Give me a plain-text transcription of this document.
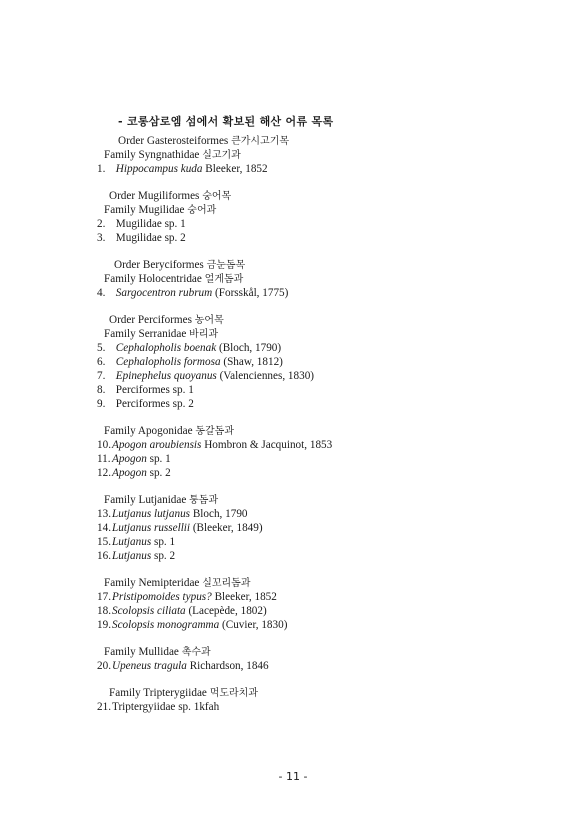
- 코롱삼로엠 섬에서 확보된 해산 어류 목록
Order Gasterosteiformes 큰가시고기목
Family Syngnathidae 실고기과
1. Hippocampus kuda Bleeker, 1852
Order Mugiliformes 숭어목
Family Mugilidae 숭어과
2. Mugilidae sp. 1
3. Mugilidae sp. 2
Order Beryciformes 금눈돔목
Family Holocentridae 얼게돔과
4. Sargocentron rubrum (Forsskål, 1775)
Order Perciformes 농어목
Family Serranidae 바리과
5. Cephalopholis boenak (Bloch, 1790)
6. Cephalopholis formosa (Shaw, 1812)
7. Epinephelus quoyanus (Valenciennes, 1830)
8. Perciformes sp. 1
9. Perciformes sp. 2
Family Apogonidae 동갈돔과
10.Apogon aroubiensis Hombron & Jacquinot, 1853
11.Apogon sp. 1
12.Apogon sp. 2
Family Lutjanidae 퉁돔과
13.Lutjanus lutjanus Bloch, 1790
14.Lutjanus russellii (Bleeker, 1849)
15.Lutjanus sp. 1
16.Lutjanus sp. 2
Family Nemipteridae 실꼬리돔과
17.Pristipomoides typus? Bleeker, 1852
18.Scolopsis ciliata (Lacepède, 1802)
19.Scolopsis monogramma (Cuvier, 1830)
Family Mullidae 촉수과
20.Upeneus tragula Richardson, 1846
Family Tripterygiidae 먹도라치과
21.Triptergyiidae sp. 1kfah
- 11 -
